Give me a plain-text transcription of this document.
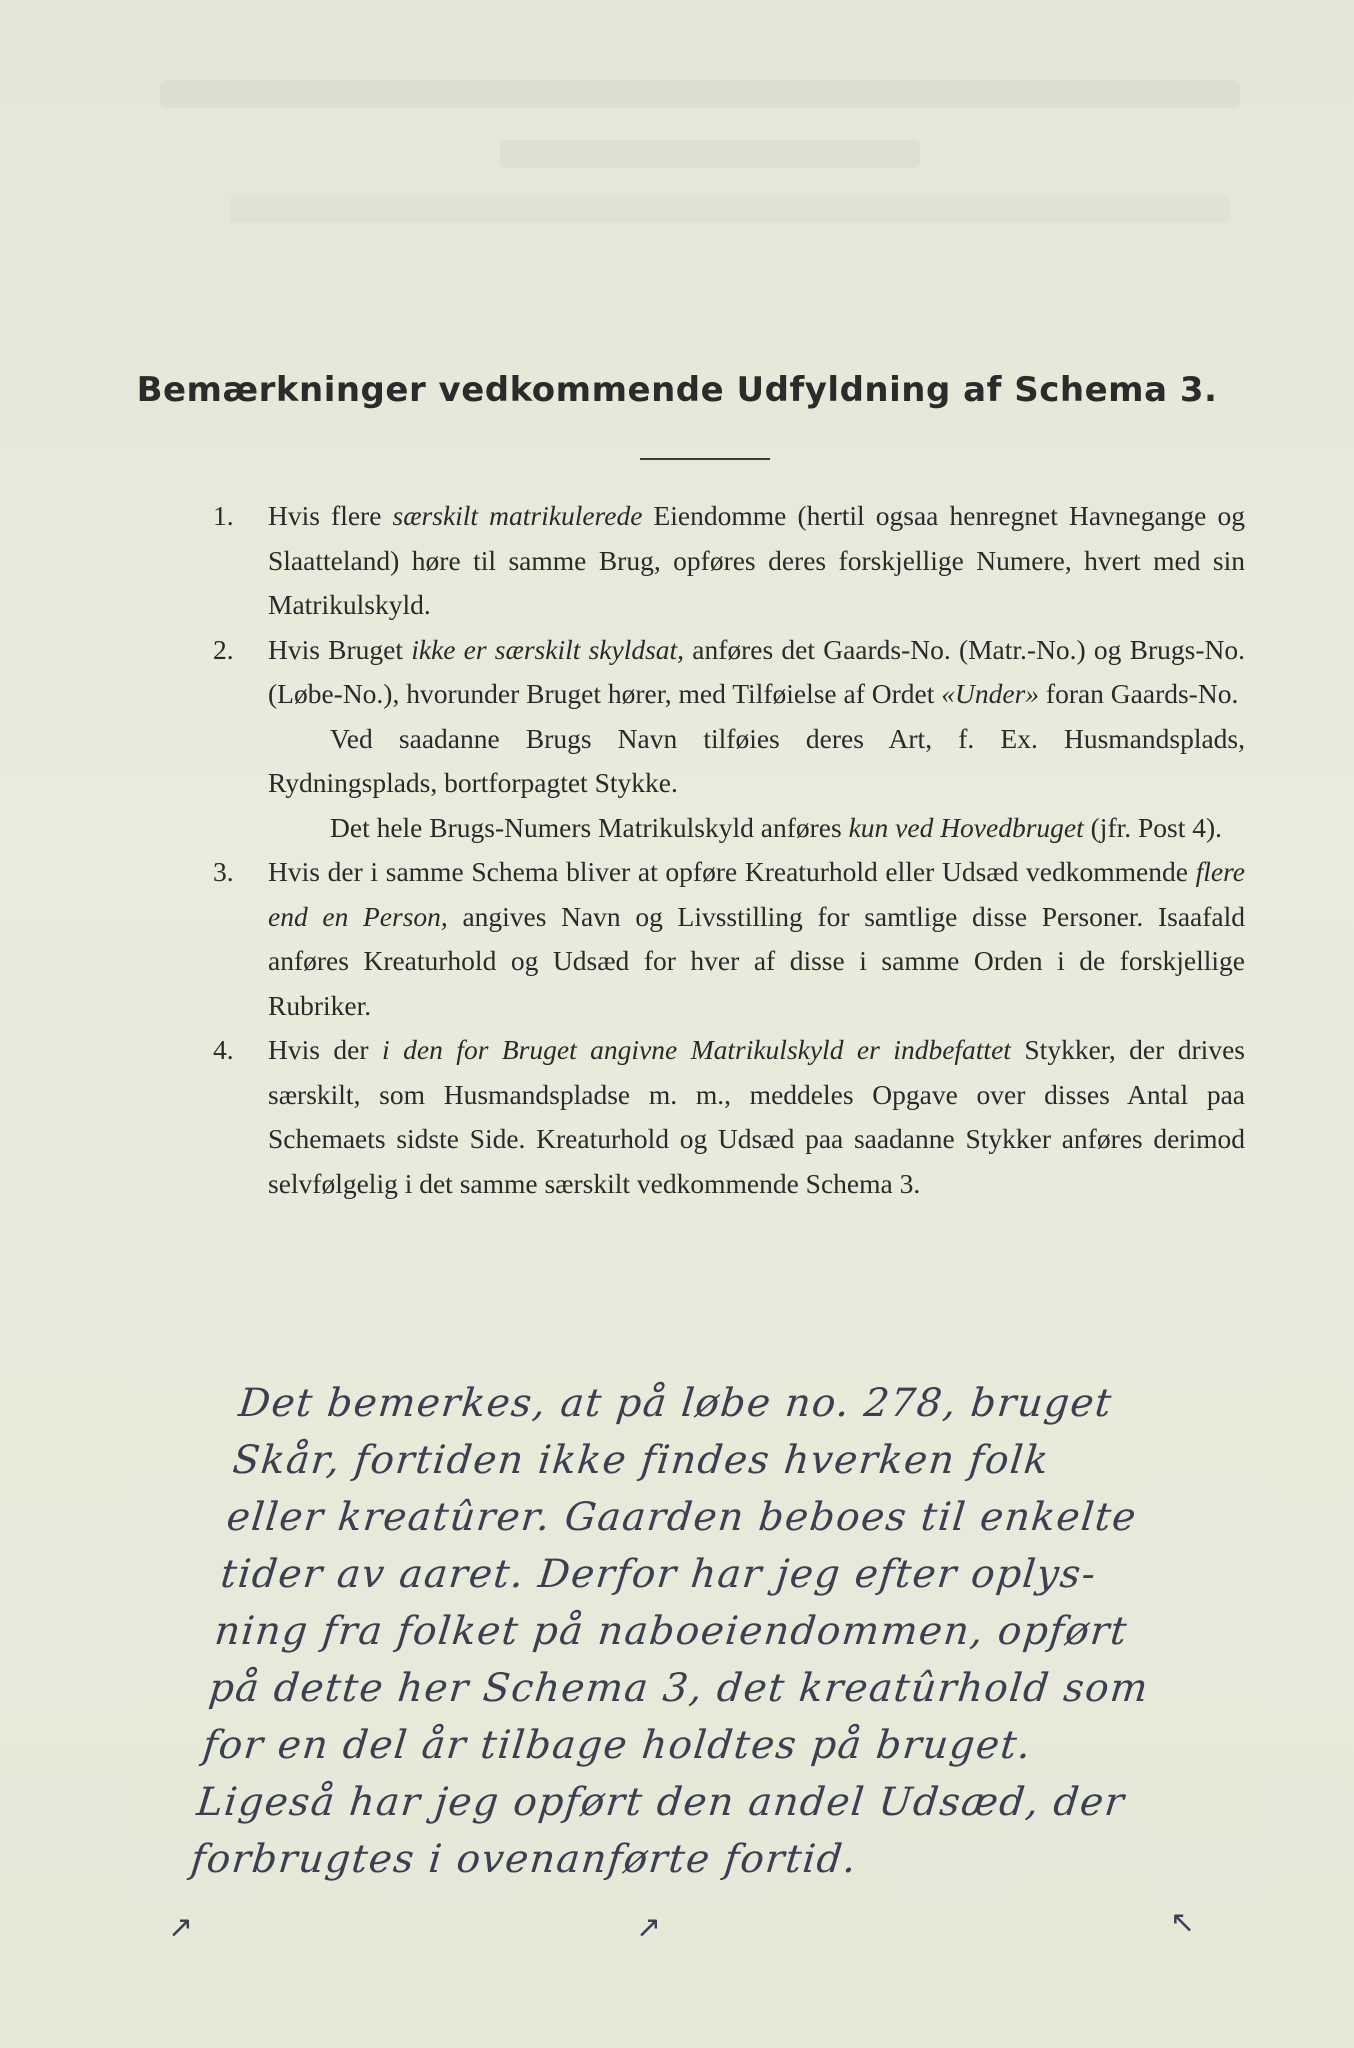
Bemærkninger vedkommende Udfyldning af Schema 3.
1. Hvis flere særskilt matrikulerede Eiendomme (hertil ogsaa henregnet Havnegange og Slaatteland) høre til samme Brug, opføres deres forskjellige Numere, hvert med sin Matrikulskyld.
2. Hvis Bruget ikke er særskilt skyldsat, anføres det Gaards-No. (Matr.-No.) og Brugs-No. (Løbe-No.), hvorunder Bruget hører, med Tilføielse af Ordet «Under» foran Gaards-No.
Ved saadanne Brugs Navn tilføies deres Art, f. Ex. Husmandsplads, Rydningsplads, bortforpagtet Stykke.
Det hele Brugs-Numers Matrikulskyld anføres kun ved Hovedbruget (jfr. Post 4).
3. Hvis der i samme Schema bliver at opføre Kreaturhold eller Udsæd vedkommende flere end en Person, angives Navn og Livsstilling for samtlige disse Personer. Isaafald anføres Kreaturhold og Udsæd for hver af disse i samme Orden i de forskjellige Rubriker.
4. Hvis der i den for Bruget angivne Matrikulskyld er indbefattet Stykker, der drives særskilt, som Husmandspladse m. m., meddeles Opgave over disses Antal paa Schemaets sidste Side. Kreaturhold og Udsæd paa saadanne Stykker anføres derimod selvfølgelig i det samme særskilt vedkommende Schema 3.
Det bemerkes, at på løbe no. 278, bruget
Skår, fortiden ikke findes hverken folk
eller kreatûrer. Gaarden beboes til enkelte
tider av aaret. Derfor har jeg efter oplys-
ning fra folket på naboeiendommen, opført
på dette her Schema 3, det kreatûrhold som
for en del år tilbage holdtes på bruget.
Ligeså har jeg opført den andel Udsæd, der
forbrugtes i ovenanførte fortid.
↗	↗	↖
